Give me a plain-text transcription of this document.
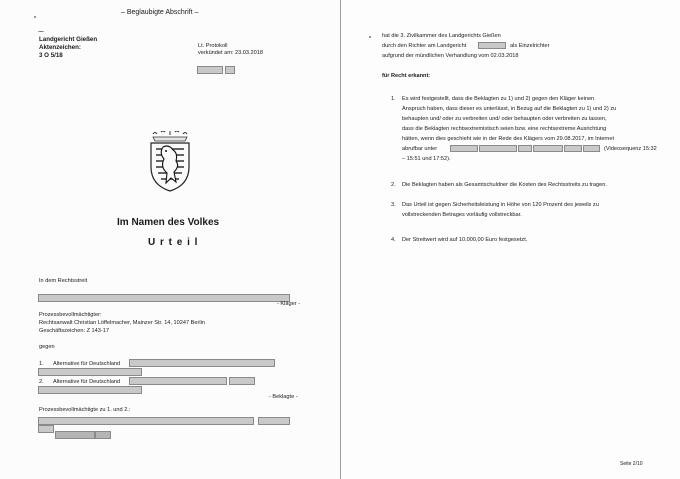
– Beglaubigte Abschrift –
Landgericht Gießen
Aktenzeichen:
3 O 5/18
Lt. Protokoll
verkündet am: 23.03.2018
Im Namen des Volkes
U r t e i l
In dem Rechtsstreit
- Kläger -
Prozessbevollmächtigter:
Rechtsanwalt Christian Löffelmacher, Mainzer Str. 14, 10247 Berlin
Geschäftszeichen: Z 143-17
gegen
1. Alternative für Deutschland
2. Alternative für Deutschland
- Beklagte -
Prozessbevollmächtigte zu 1. und 2.:
hat die 3. Zivilkammer des Landgerichts Gießen
durch den Richter am Landgericht	als Einzelrichter
aufgrund der mündlichen Verhandlung vom 02.03.2018
für Recht erkannt:
1. Es wird festgestellt, dass die Beklagten zu 1) und 2) gegen den Kläger keinen
Anspruch haben, dass dieser es unterlässt, in Bezug auf die Beklagten zu 1) und 2) zu
behaupten und/ oder zu verbreiten und/ oder behaupten oder verbreiten zu lassen,
dass die Beklagten rechtsextremistisch seien bzw. eine rechtsextreme Ausrichtung
hätten, wenn dies geschieht wie in der Rede des Klägers vom 29.08.2017, im Internet
abrufbar unter	(Videosequenz 15:32
– 15:51 und 17:52).
2. Die Beklagten haben als Gesamtschuldner die Kosten des Rechtsstreits zu tragen.
3. Das Urteil ist gegen Sicherheitsleistung in Höhe von 120 Prozent des jeweils zu
vollstreckenden Betrages vorläufig vollstreckbar.
4. Der Streitwert wird auf 10.000,00 Euro festgesetzt.
Seite 2/10
